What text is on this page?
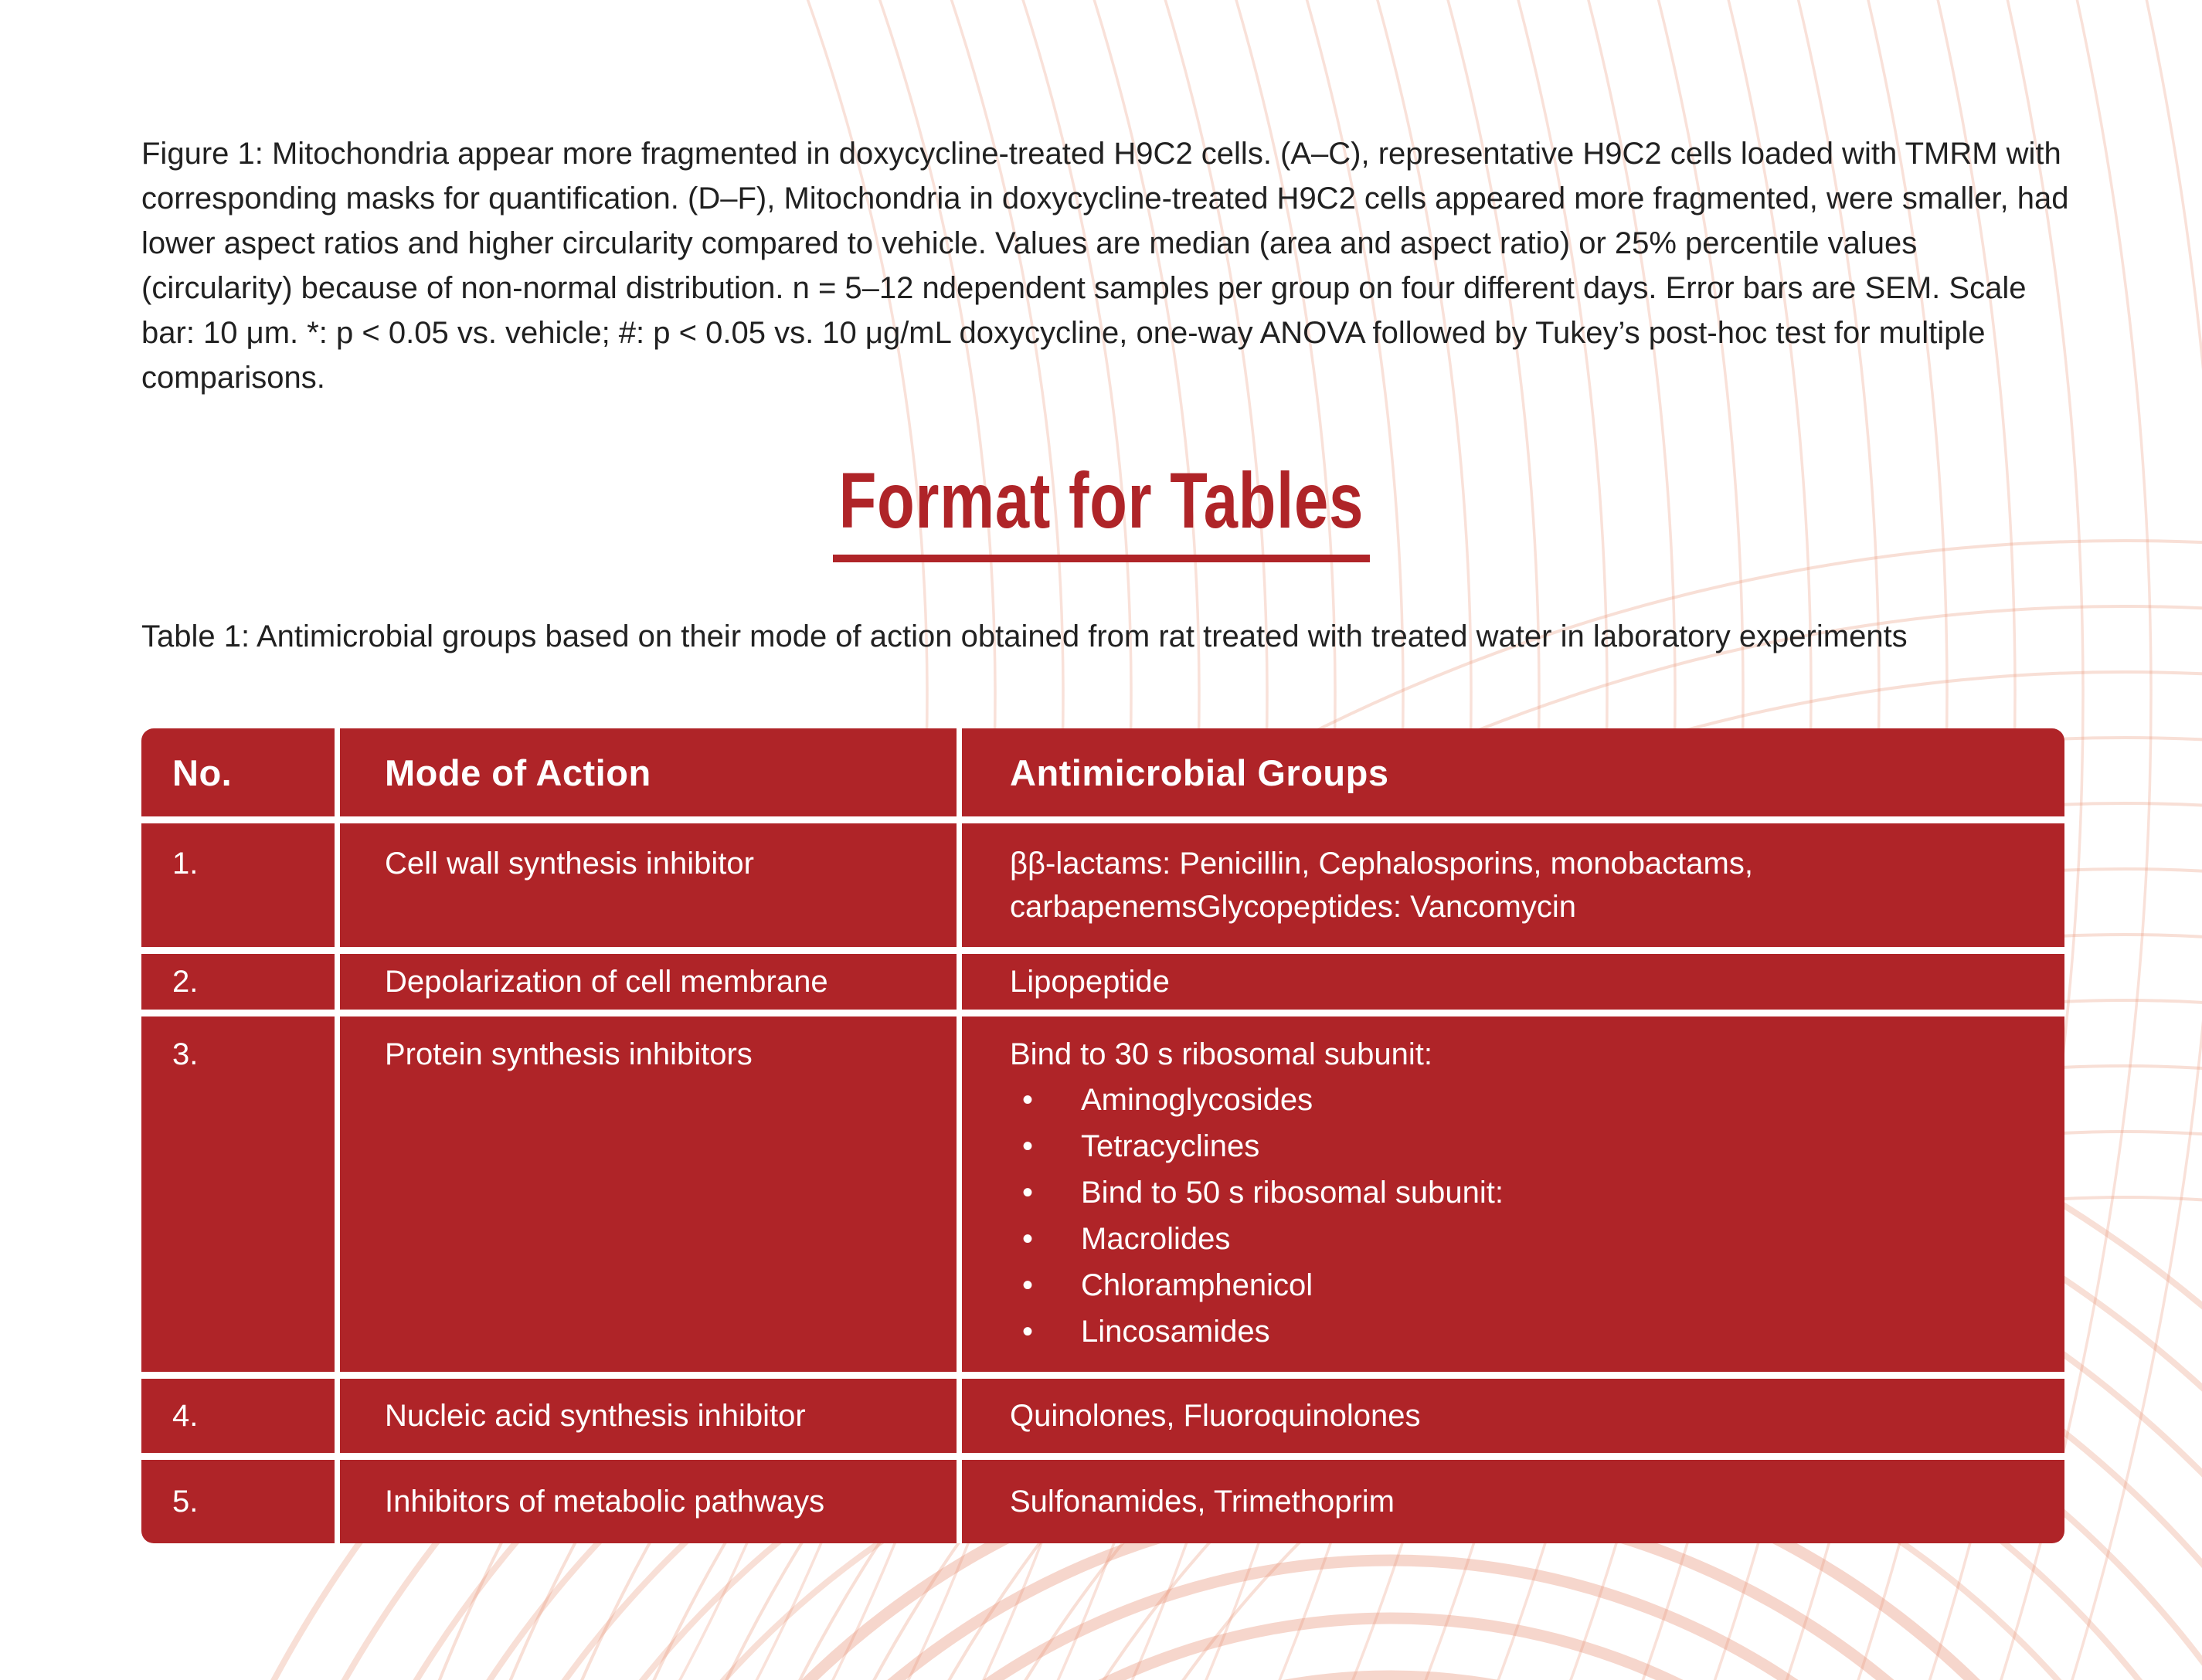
Figure 1: Mitochondria appear more fragmented in doxycycline-treated H9C2 cells. (A–C), representative H9C2 cells loaded with TMRM with corresponding masks for quantification. (D–F), Mitochondria in doxycycline-treated H9C2 cells appeared more fragmented, were smaller, had lower aspect ratios and higher circularity compared to vehicle. Values are median (area and aspect ratio) or 25% percentile values (circularity) because of non-normal distribution. n = 5–12 ndependent samples per group on four different days. Error bars are SEM. Scale bar: 10 μm. *: p < 0.05 vs. vehicle; #: p < 0.05 vs. 10 μg/mL doxycycline, one-way ANOVA followed by Tukey’s post-hoc test for multiple comparisons.

Format for Tables

Table 1: Antimicrobial groups based on their mode of action obtained from rat treated with treated water in laboratory experiments

No.	Mode of Action	Antimicrobial Groups
1.	Cell wall synthesis inhibitor	ββ-lactams: Penicillin, Cephalosporins, monobactams, carbapenemsGlycopeptides: Vancomycin
2.	Depolarization of cell membrane	Lipopeptide
3.	Protein synthesis inhibitors	Bind to 30 s ribosomal subunit:
• Aminoglycosides
• Tetracyclines
• Bind to 50 s ribosomal subunit:
• Macrolides
• Chloramphenicol
• Lincosamides
4.	Nucleic acid synthesis inhibitor	Quinolones, Fluoroquinolones
5.	Inhibitors of metabolic pathways	Sulfonamides, Trimethoprim
